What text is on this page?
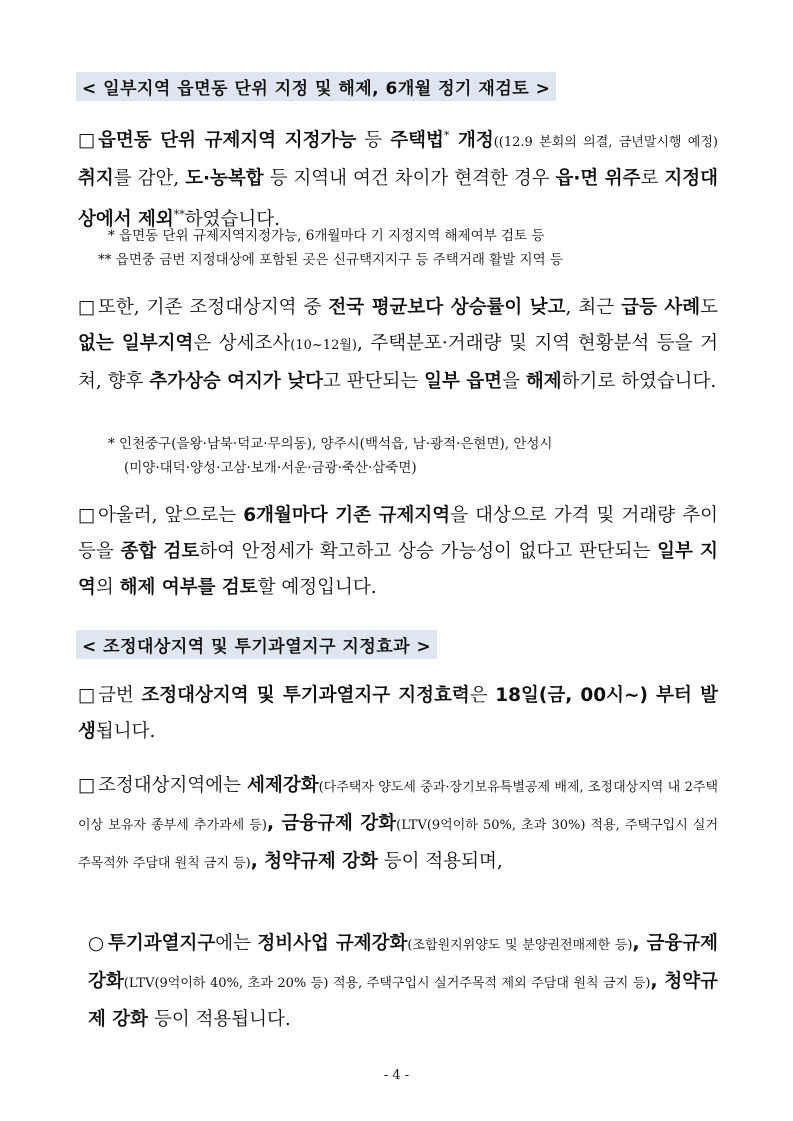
< 일부지역 읍면동 단위 지정 및 해제, 6개월 정기 재검토 >
□ 읍면동 단위 규제지역 지정가능 등 주택법* 개정((12.9 본회의 의결, 금년말시행 예정) 취지를 감안, 도·농복합 등 지역내 여건 차이가 현격한 경우 읍·면 위주로 지정대상에서 제외**하였습니다.
* 읍면동 단위 규제지역지정가능, 6개월마다 기 지정지역 해제여부 검토 등
** 읍면중 금번 지정대상에 포함된 곳은 신규택지지구 등 주택거래 활발 지역 등
□ 또한, 기존 조정대상지역 중 전국 평균보다 상승률이 낮고, 최근 급등 사례도 없는 일부지역은 상세조사(10~12월), 주택분포·거래량 및 지역 현황분석 등을 거쳐, 향후 추가상승 여지가 낮다고 판단되는 일부 읍면을 해제하기로 하였습니다.
* 인천중구(을왕·남북·덕교·무의동), 양주시(백석읍, 남·광적·은현면), 안성시
(미양·대덕·양성·고삼·보개·서운·금광·죽산·삼죽면)
□ 아울러, 앞으로는 6개월마다 기존 규제지역을 대상으로 가격 및 거래량 추이 등을 종합 검토하여 안정세가 확고하고 상승 가능성이 없다고 판단되는 일부 지역의 해제 여부를 검토할 예정입니다.
< 조정대상지역 및 투기과열지구 지정효과 >
□ 금번 조정대상지역 및 투기과열지구 지정효력은 18일(금, 00시~) 부터 발생됩니다.
□ 조정대상지역에는 세제강화(다주택자 양도세 중과·장기보유특별공제 배제, 조정대상지역 내 2주택이상 보유자 종부세 추가과세 등), 금융규제 강화(LTV(9억이하 50%, 초과 30%) 적용, 주택구입시 실거주목적外 주담대 원칙 금지 등), 청약규제 강화 등이 적용되며,
○ 투기과열지구에는 정비사업 규제강화(조합원지위양도 및 분양권전매제한 등), 금융규제 강화(LTV(9억이하 40%, 초과 20% 등) 적용, 주택구입시 실거주목적 제외 주담대 원칙 금지 등), 청약규제 강화 등이 적용됩니다.
- 4 -
